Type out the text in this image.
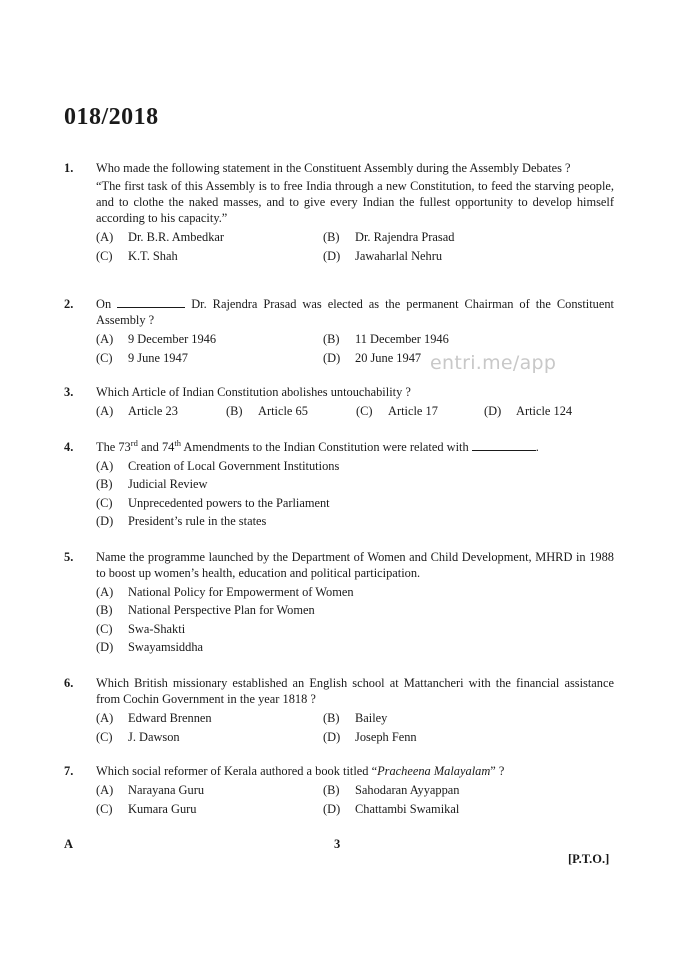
018/2018
1. Who made the following statement in the Constituent Assembly during the Assembly Debates ?
“The first task of this Assembly is to free India through a new Constitution, to feed the starving people, and to clothe the naked masses, and to give every Indian the fullest opportunity to develop himself according to his capacity.”
(A)	Dr. B.R. Ambedkar	(B)	Dr. Rajendra Prasad
(C)	K.T. Shah	(D)	Jawaharlal Nehru
2. On	Dr. Rajendra Prasad was elected as the permanent Chairman of the Constituent Assembly ?
(A)	9 December 1946	(B)	11 December 1946
(C)	9 June 1947	(D)	20 June 1947
3. Which Article of Indian Constitution abolishes untouchability ?
(A)	Article 23	(B)	Article 65	(C)	Article 17	(D)	Article 124
4. The 73rd and 74th Amendments to the Indian Constitution were related with	.
(A)	Creation of Local Government Institutions
(B)	Judicial Review
(C)	Unprecedented powers to the Parliament
(D)	President’s rule in the states
5. Name the programme launched by the Department of Women and Child Development, MHRD in 1988 to boost up women’s health, education and political participation.
(A)	National Policy for Empowerment of Women
(B)	National Perspective Plan for Women
(C)	Swa-Shakti
(D)	Swayamsiddha
6. Which British missionary established an English school at Mattancheri with the financial assistance from Cochin Government in the year 1818 ?
(A)	Edward Brennen	(B)	Bailey
(C)	J. Dawson	(D)	Joseph Fenn
7. Which social reformer of Kerala authored a book titled “Pracheena Malayalam” ?
(A)	Narayana Guru	(B)	Sahodaran Ayyappan
(C)	Kumara Guru	(D)	Chattambi Swamikal
entri.me/app
A	3
[P.T.O.]
